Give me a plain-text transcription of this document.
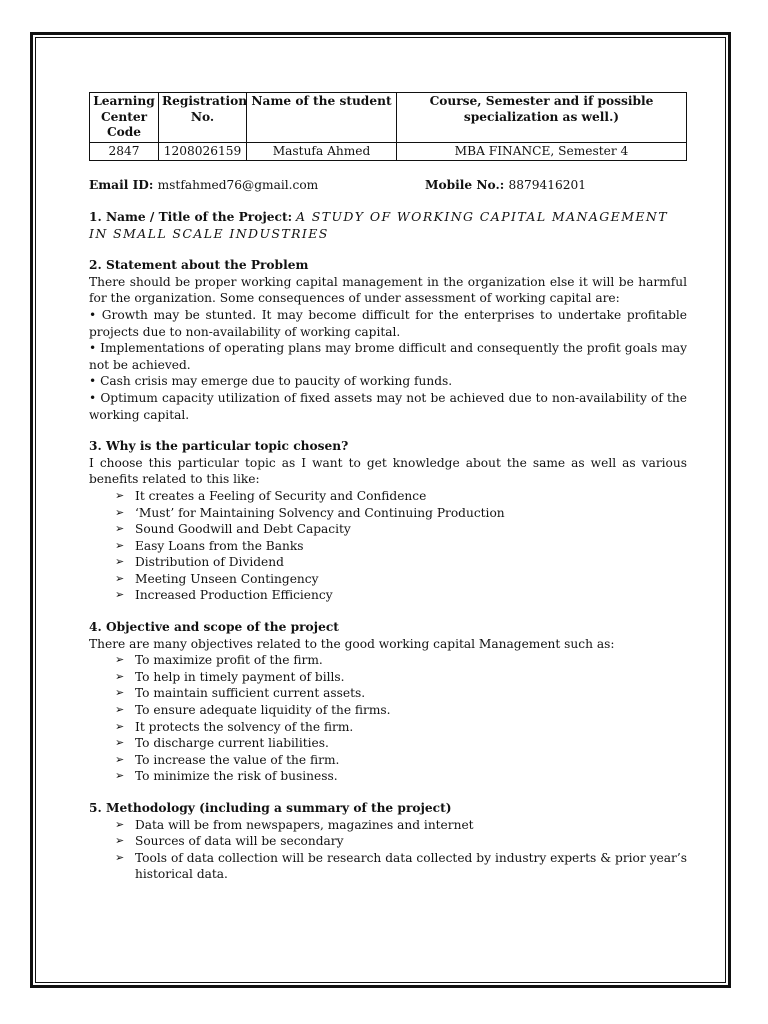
Learning Center Code	Registration No.	Name of the student	Course, Semester and if possible specialization as well.)
2847	1208026159	Mastufa Ahmed	MBA FINANCE, Semester 4
Email ID: mstfahmed76@gmail.com	Mobile No.: 8879416201
1. Name / Title of the Project: A STUDY OF WORKING CAPITAL MANAGEMENT IN SMALL SCALE INDUSTRIES
2. Statement about the Problem

There should be proper working capital management in the organization else it will be harmful for the organization. Some consequences of under assessment of working capital are:

• Growth may be stunted. It may become difficult for the enterprises to undertake profitable projects due to non-availability of working capital.
• Implementations of operating plans may brome difficult and consequently the profit goals may not be achieved.
• Cash crisis may emerge due to paucity of working funds.
• Optimum capacity utilization of fixed assets may not be achieved due to non-availability of the working capital.
3. Why is the particular topic chosen?

I choose this particular topic as I want to get knowledge about the same as well as various benefits related to this like:

➢ It creates a Feeling of Security and Confidence
➢ ‘Must’ for Maintaining Solvency and Continuing Production
➢ Sound Goodwill and Debt Capacity
➢ Easy Loans from the Banks
➢ Distribution of Dividend
➢ Meeting Unseen Contingency
➢ Increased Production Efficiency
4. Objective and scope of the project

There are many objectives related to the good working capital Management such as:

➢ To maximize profit of the firm.
➢ To help in timely payment of bills.
➢ To maintain sufficient current assets.
➢ To ensure adequate liquidity of the firms.
➢ It protects the solvency of the firm.
➢ To discharge current liabilities.
➢ To increase the value of the firm.
➢ To minimize the risk of business.
5. Methodology (including a summary of the project)
➢ Data will be from newspapers, magazines and internet
➢ Sources of data will be secondary
➢ Tools of data collection will be research data collected by industry experts & prior year’s historical data.
